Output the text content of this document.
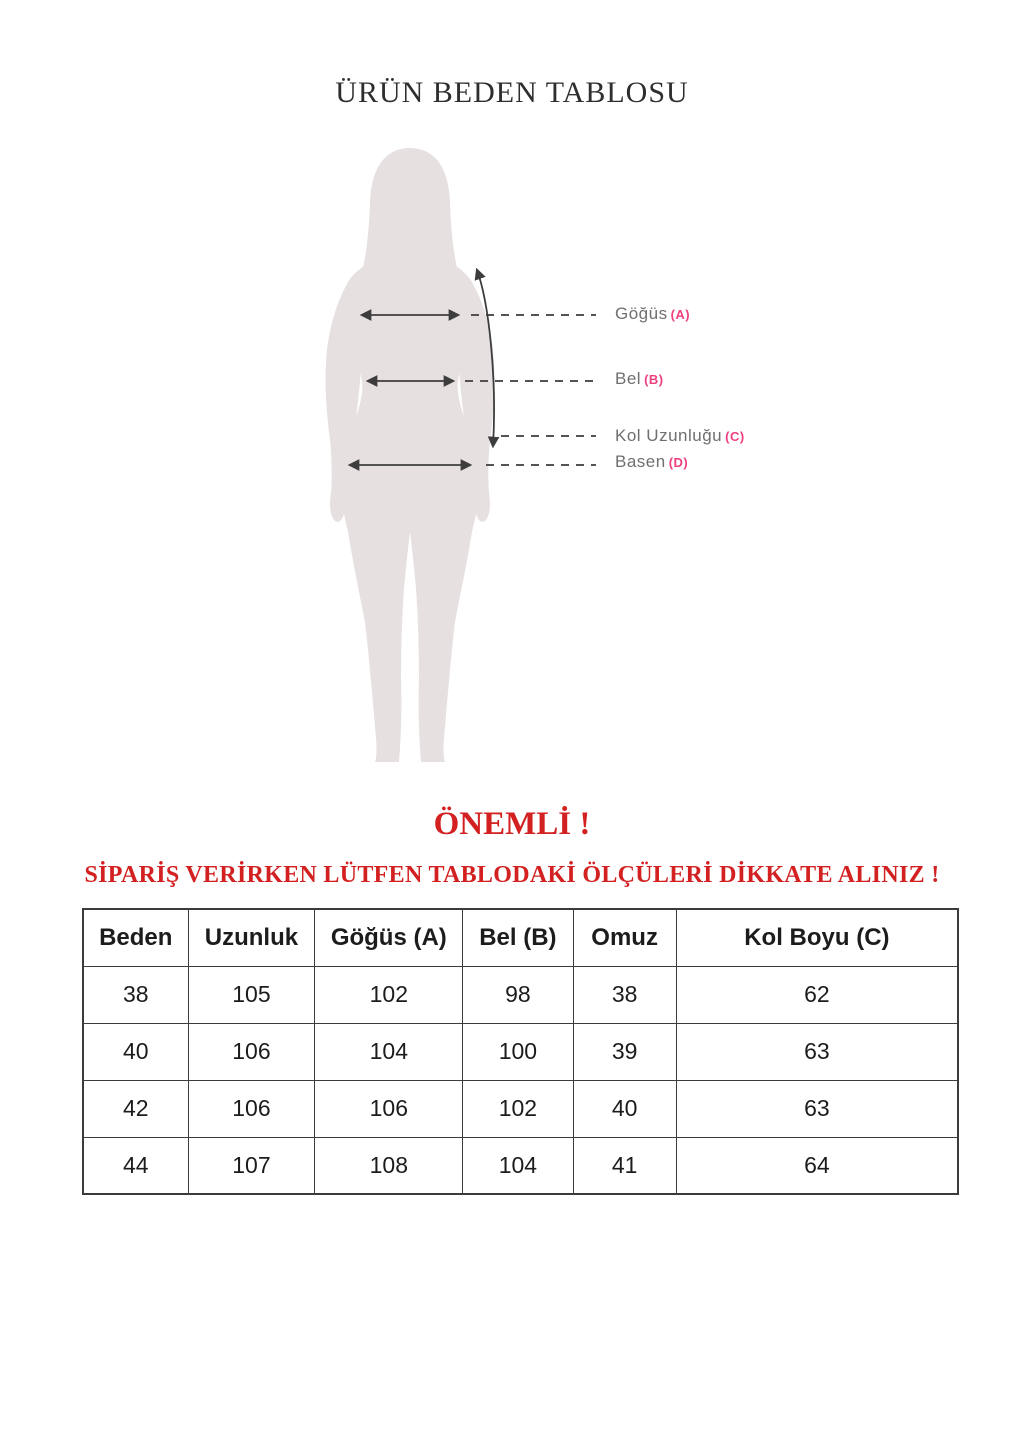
ÜRÜN BEDEN TABLOSU
Göğüs (A)
Bel (B)
Kol Uzunluğu (C)
Basen (D)
ÖNEMLİ !
SİPARİŞ VERİRKEN LÜTFEN TABLODAKİ ÖLÇÜLERİ DİKKATE ALINIZ !
Beden	Uzunluk	Göğüs (A)	Bel (B)	Omuz	Kol Boyu (C)
38	105	102	98	38	62
40	106	104	100	39	63
42	106	106	102	40	63
44	107	108	104	41	64
